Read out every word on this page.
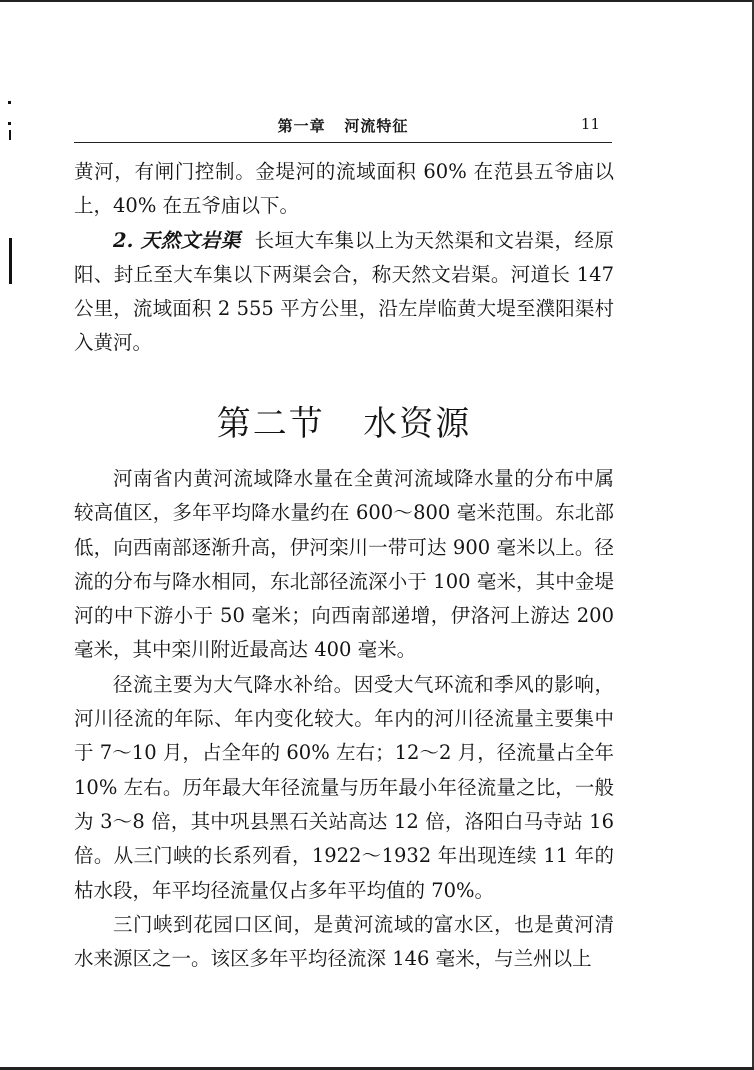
第一章 河流特征	11

黄河，有闸门控制。金堤河的流域面积 60% 在范县五爷庙以上，40% 在五爷庙以下。

2. 天然文岩渠 长垣大车集以上为天然渠和文岩渠，经原阳、封丘至大车集以下两渠会合，称天然文岩渠。河道长 147 公里，流域面积 2 555 平方公里，沿左岸临黄大堤至濮阳渠村入黄河。

第二节 水资源

河南省内黄河流域降水量在全黄河流域降水量的分布中属较高值区，多年平均降水量约在 600～800 毫米范围。东北部低，向西南部逐渐升高，伊河栾川一带可达 900 毫米以上。径流的分布与降水相同，东北部径流深小于 100 毫米，其中金堤河的中下游小于 50 毫米；向西南部递增，伊洛河上游达 200 毫米，其中栾川附近最高达 400 毫米。

径流主要为大气降水补给。因受大气环流和季风的影响，河川径流的年际、年内变化较大。年内的河川径流量主要集中于 7～10 月，占全年的 60% 左右；12～2 月，径流量占全年 10% 左右。历年最大年径流量与历年最小年径流量之比，一般为 3～8 倍，其中巩县黑石关站高达 12 倍，洛阳白马寺站 16 倍。从三门峡的长系列看，1922～1932 年出现连续 11 年的枯水段，年平均径流量仅占多年平均值的 70%。

三门峡到花园口区间，是黄河流域的富水区，也是黄河清水来源区之一。该区多年平均径流深 146 毫米，与兰州以上
